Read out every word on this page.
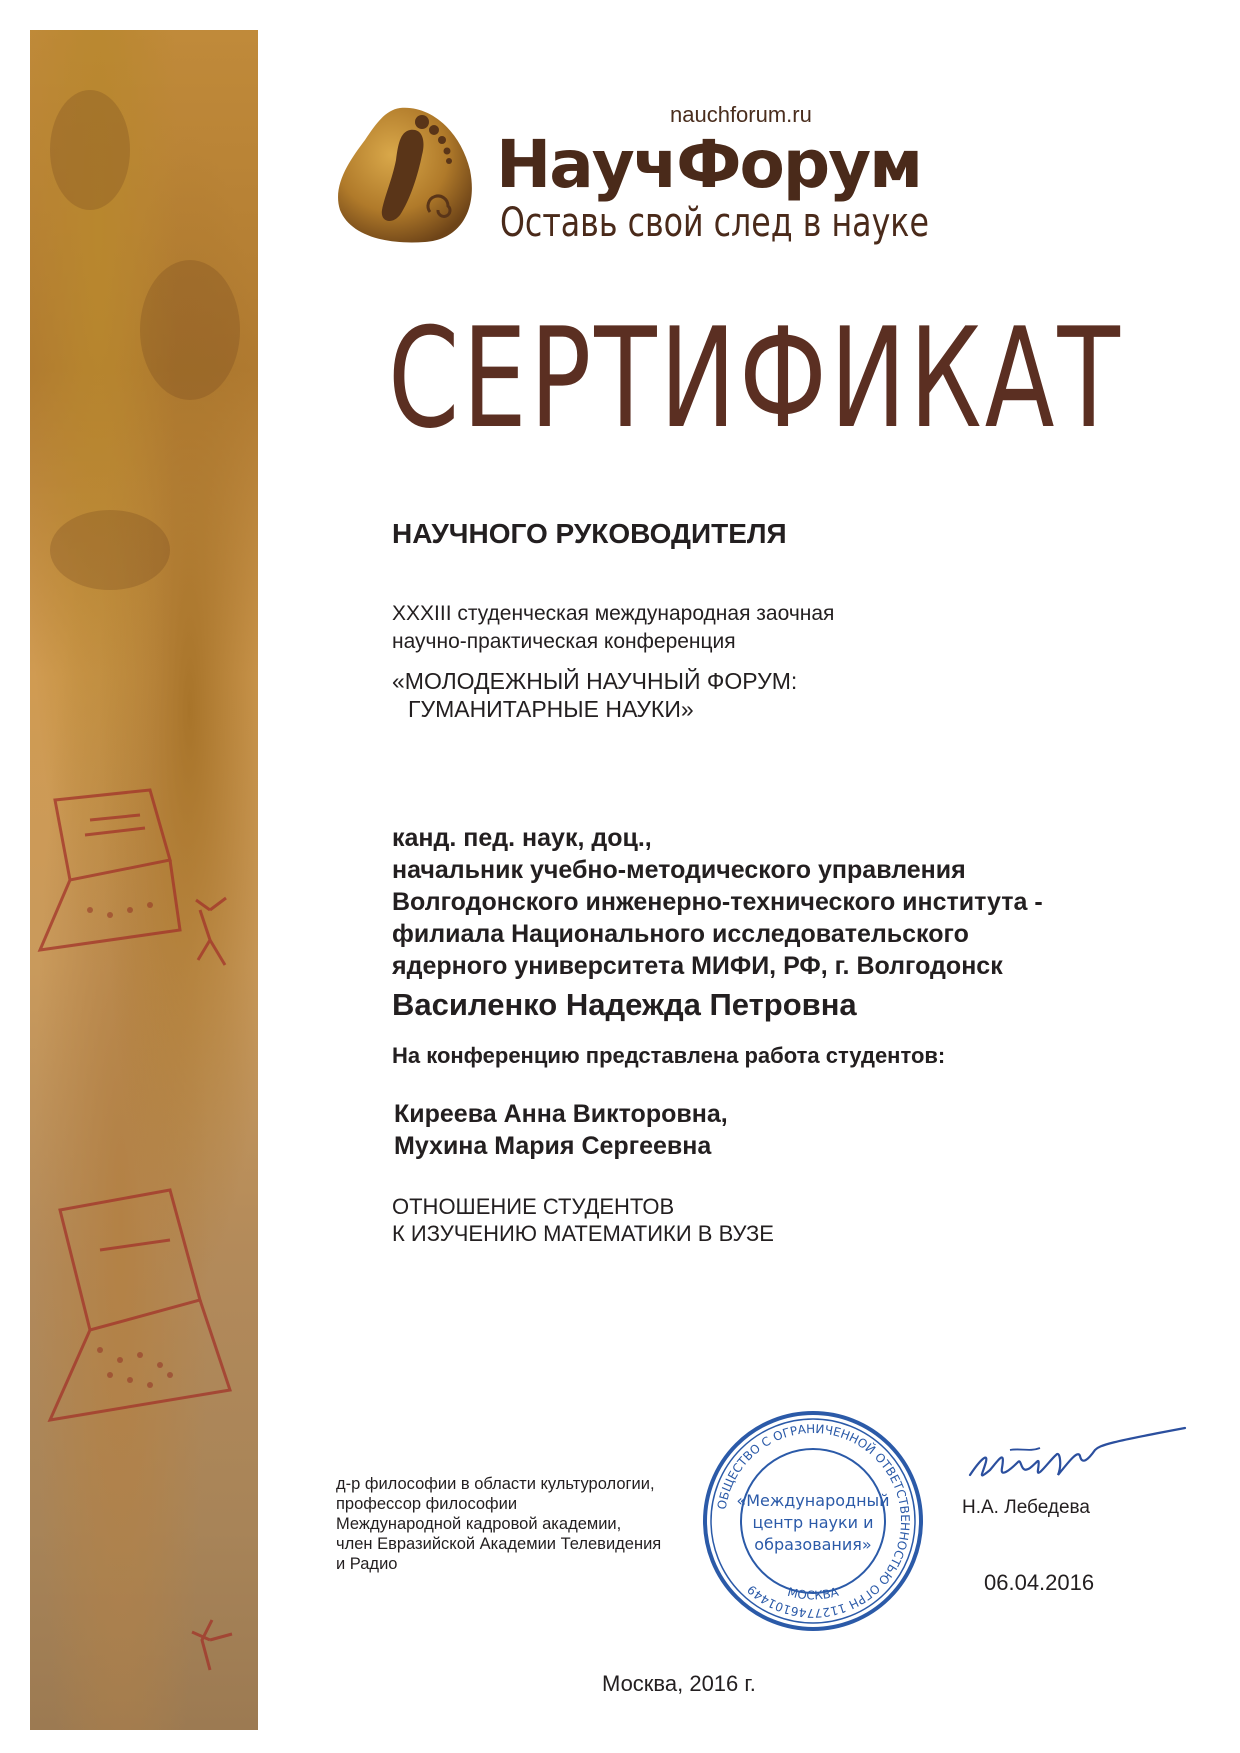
nauchforum.ru
НаучФорум
Оставь свой след в науке
СЕРТИФИКАТ
НАУЧНОГО РУКОВОДИТЕЛЯ
XXXIII студенческая международная заочная
научно-практическая конференция
«МОЛОДЕЖНЫЙ НАУЧНЫЙ ФОРУМ:
ГУМАНИТАРНЫЕ НАУКИ»
канд. пед. наук, доц.,
начальник учебно-методического управления
Волгодонского инженерно-технического института -
филиала Национального исследовательского
ядерного университета МИФИ, РФ, г. Волгодонск
Василенко Надежда Петровна
На конференцию представлена работа студентов:
Киреева Анна Викторовна,
Мухина Мария Сергеевна
ОТНОШЕНИЕ СТУДЕНТОВ
К ИЗУЧЕНИЮ МАТЕМАТИКИ В ВУЗЕ
д-р философии в области культурологии,
профессор философии
Международной кадровой академии,
член Евразийской Академии Телевидения
и Радио
ОБЩЕСТВО С ОГРАНИЧЕННОЙ ОТВЕТСТВЕННОСТЬЮ ОГРН 1127746101449	МОСКВА
«Международный
центр науки и
образования»
Н.А. Лебедева
06.04.2016
Москва, 2016 г.
